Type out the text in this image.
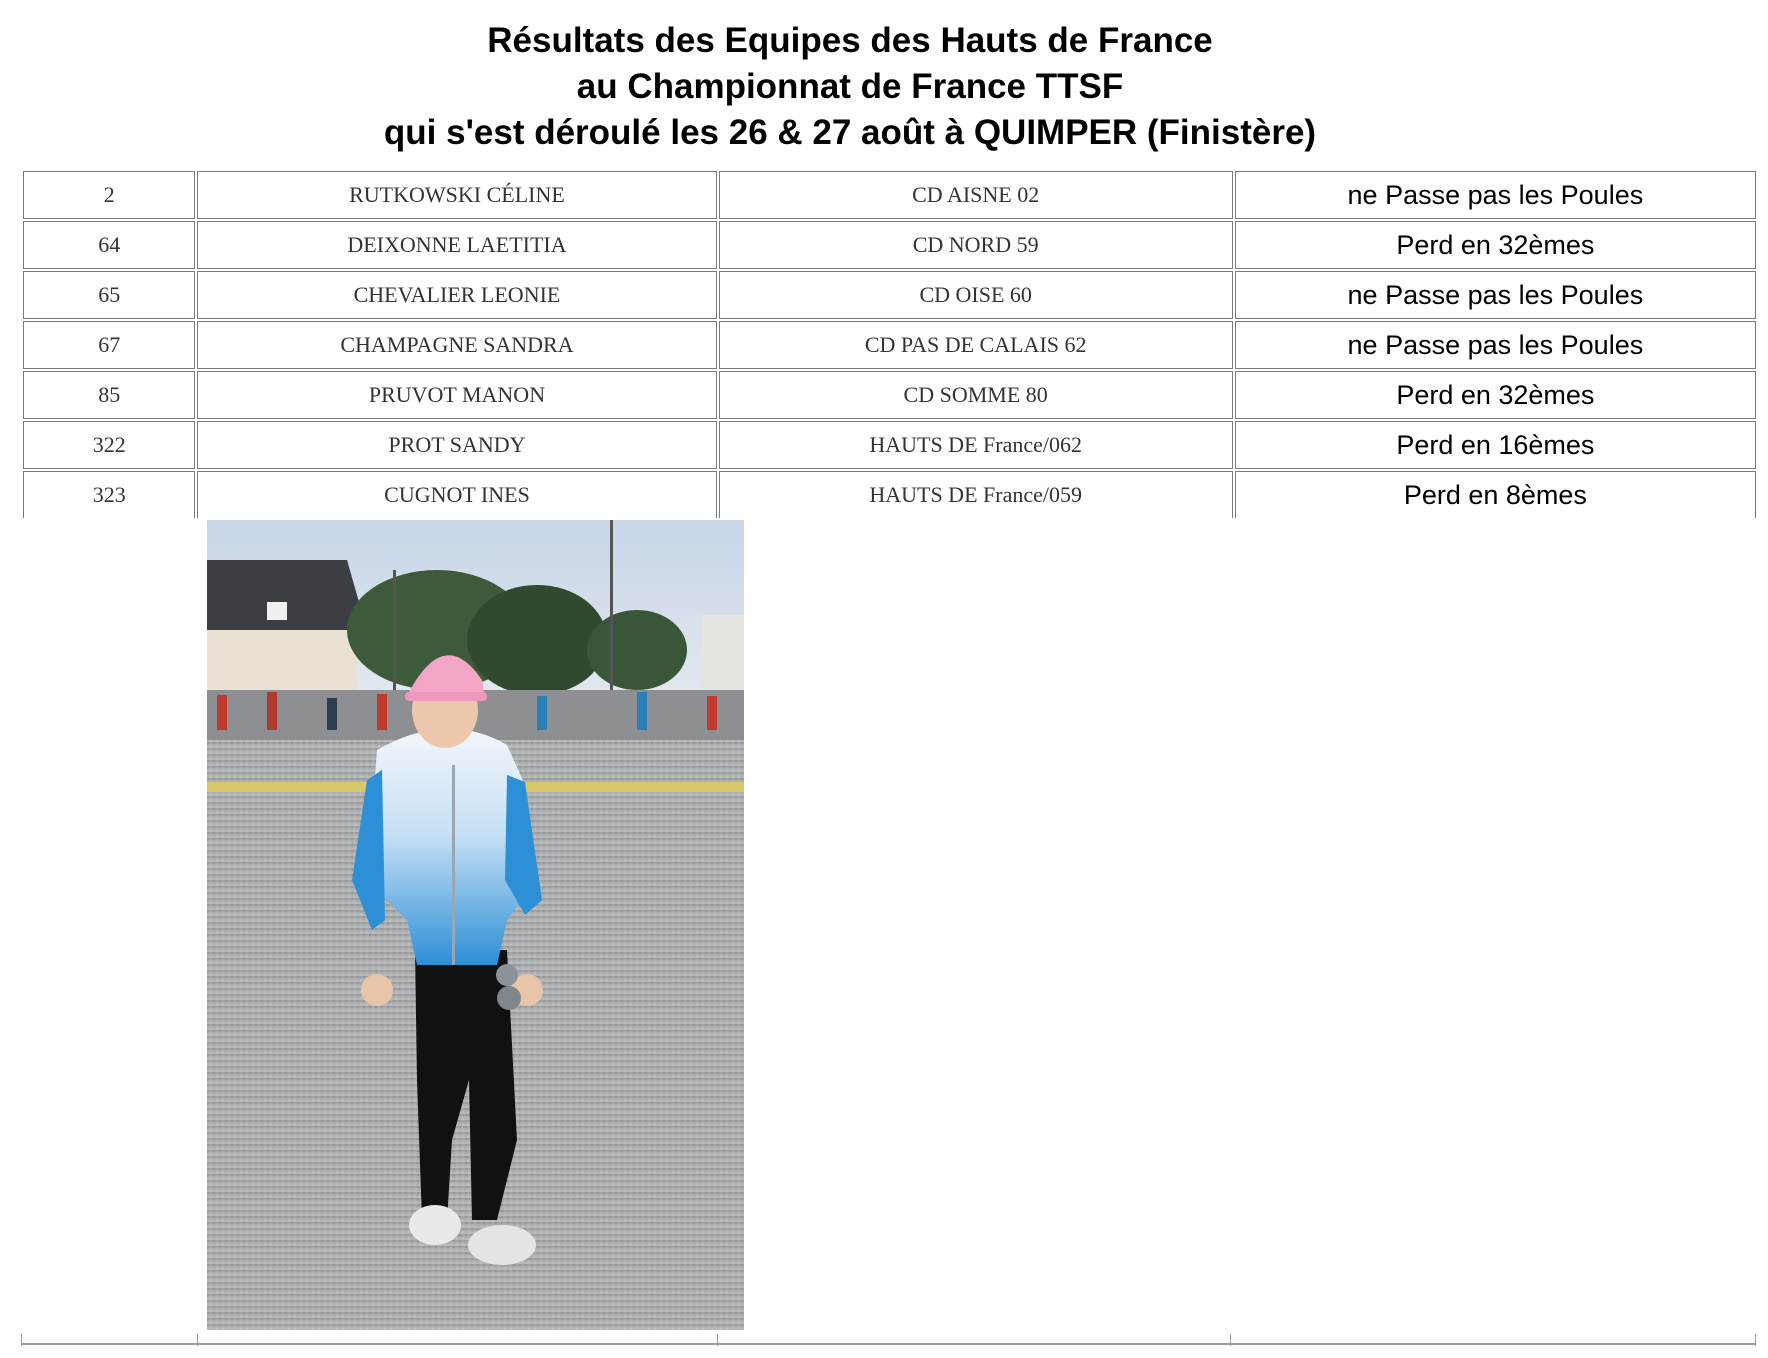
Résultats des Equipes des Hauts de France
au Championnat de France TTSF
qui s'est déroulé les 26 & 27 août à QUIMPER (Finistère)
2	RUTKOWSKI CÉLINE	CD AISNE 02	ne Passe pas les Poules
64	DEIXONNE LAETITIA	CD NORD 59	Perd en 32èmes
65	CHEVALIER LEONIE	CD OISE 60	ne Passe pas les Poules
67	CHAMPAGNE SANDRA	CD PAS DE CALAIS 62	ne Passe pas les Poules
85	PRUVOT MANON	CD SOMME 80	Perd en 32èmes
322	PROT SANDY	HAUTS DE France/062	Perd en 16èmes
323	CUGNOT INES	HAUTS DE France/059	Perd en 8èmes
